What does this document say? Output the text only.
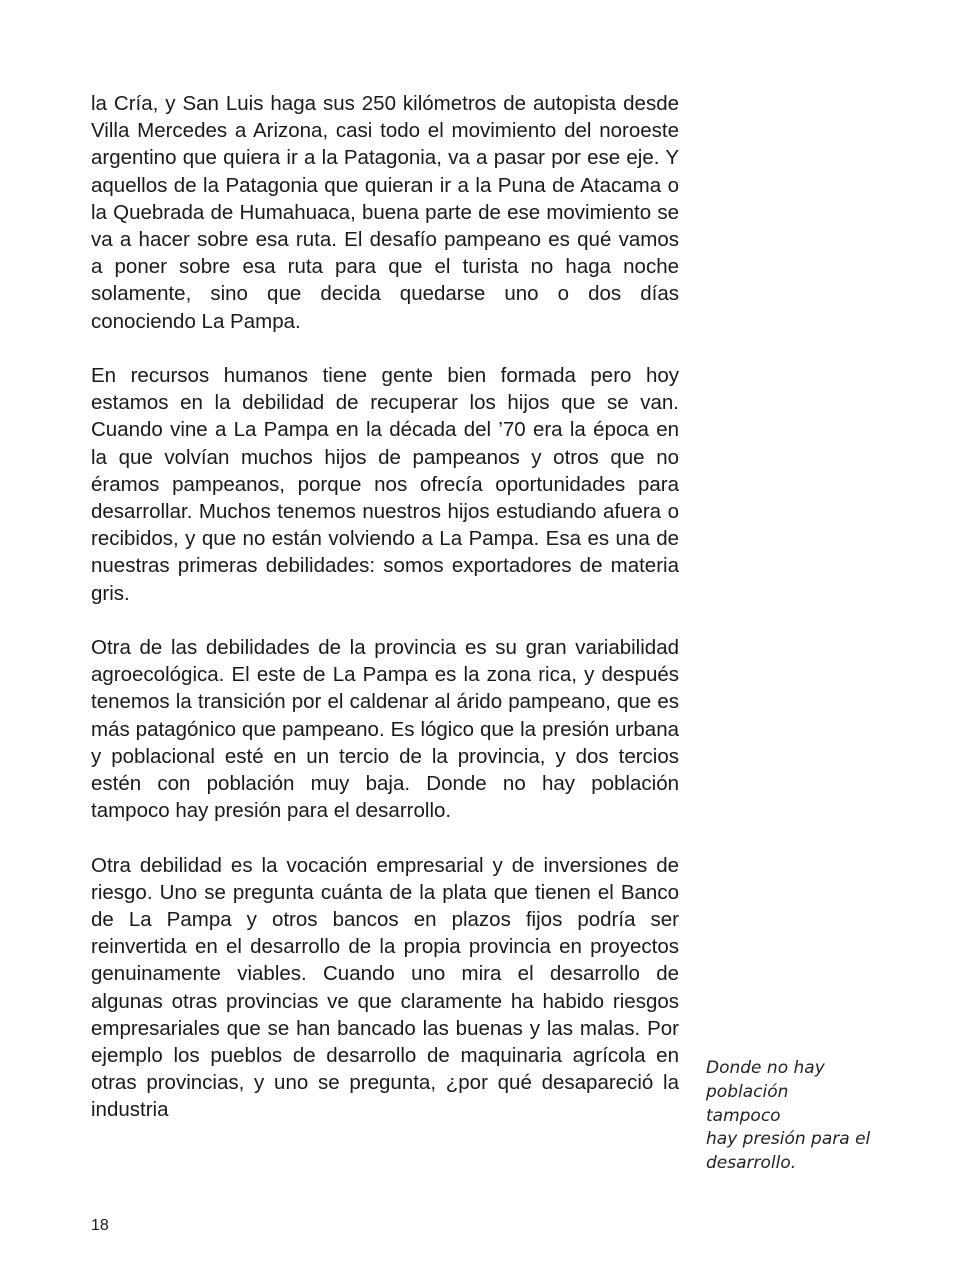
la Cría, y San Luis haga sus 250 kilómetros de autopista desde Villa Mercedes a Arizona, casi todo el movimiento del noroeste argentino que quiera ir a la Patagonia, va a pasar por ese eje. Y aquellos de la Patagonia que quieran ir a la Puna de Atacama o la Quebrada de Humahuaca, buena parte de ese movimiento se va a hacer sobre esa ruta. El desafío pampeano es qué vamos a poner sobre esa ruta para que el turista no haga noche solamente, sino que decida quedarse uno o dos días conociendo La Pampa.

En recursos humanos tiene gente bien formada pero hoy estamos en la debilidad de recuperar los hijos que se van. Cuando vine a La Pampa en la década del ’70 era la época en la que volvían muchos hijos de pampeanos y otros que no éramos pampeanos, porque nos ofrecía oportunidades para desarrollar. Muchos tenemos nuestros hijos estudiando afuera o recibidos, y que no están volviendo a La Pampa. Esa es una de nuestras primeras debilidades: somos exportadores de materia gris.

Otra de las debilidades de la provincia es su gran variabilidad agroecológica. El este de La Pampa es la zona rica, y después tenemos la transición por el caldenar al árido pampeano, que es más patagónico que pampeano. Es lógico que la presión urbana y poblacional esté en un tercio de la provincia, y dos tercios estén con población muy baja. Donde no hay población tampoco hay presión para el desarrollo.

Otra debilidad es la vocación empresarial y de inversiones de riesgo. Uno se pregunta cuánta de la plata que tienen el Banco de La Pampa y otros bancos en plazos fijos podría ser reinvertida en el desarrollo de la propia provincia en proyectos genuinamente viables. Cuando uno mira el desarrollo de algunas otras provincias ve que claramente ha habido riesgos empresariales que se han bancado las buenas y las malas. Por ejemplo los pueblos de desarrollo de maquinaria agrícola en otras provincias, y uno se pregunta, ¿por qué desapareció la industria

Donde no hay
población
tampoco
hay presión para el
desarrollo.
18
